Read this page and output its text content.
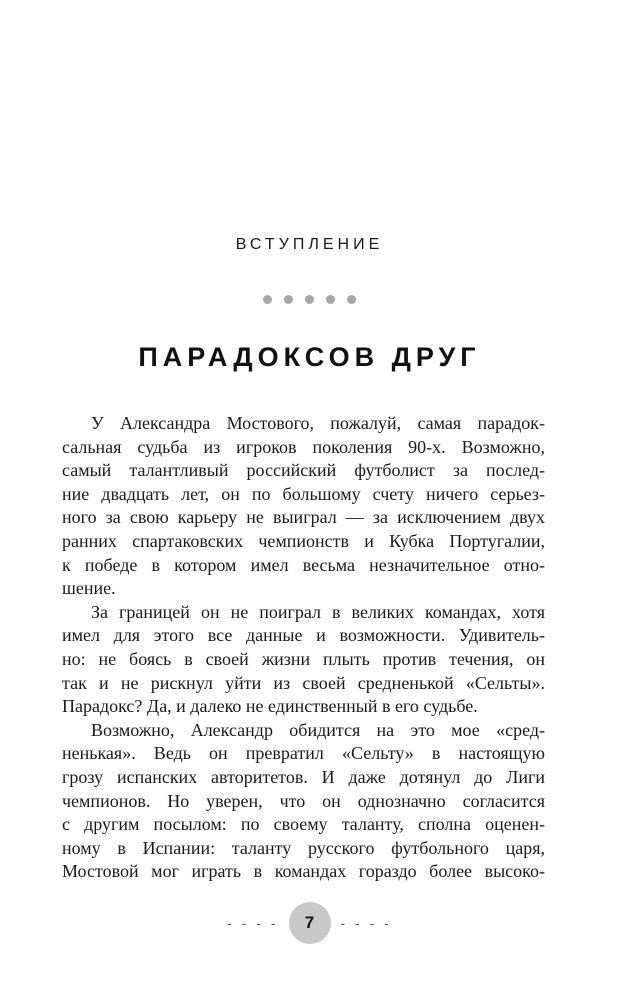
ВСТУПЛЕНИЕ
ПАРАДОКСОВ ДРУГ
У Александра Мостового, пожалуй, самая парадок-
сальная судьба из игроков поколения 90-х. Возможно,
самый талантливый российский футболист за послед-
ние двадцать лет, он по большому счету ничего серьез-
ного за свою карьеру не выиграл — за исключением двух
ранних спартаковских чемпионств и Кубка Португалии,
к победе в котором имел весьма незначительное отно-
шение.
За границей он не поиграл в великих командах, хотя
имел для этого все данные и возможности. Удивитель-
но: не боясь в своей жизни плыть против течения, он
так и не рискнул уйти из своей средненькой «Сельты».
Парадокс? Да, и далеко не единственный в его судьбе.
Возможно, Александр обидится на это мое «сред-
ненькая». Ведь он превратил «Сельту» в настоящую
грозу испанских авторитетов. И даже дотянул до Лиги
чемпионов. Но уверен, что он однозначно согласится
с другим посылом: по своему таланту, сполна оценен-
ному в Испании: таланту русского футбольного царя,
Мостовой мог играть в командах гораздо более высоко-
- - - -	7	- - - -
